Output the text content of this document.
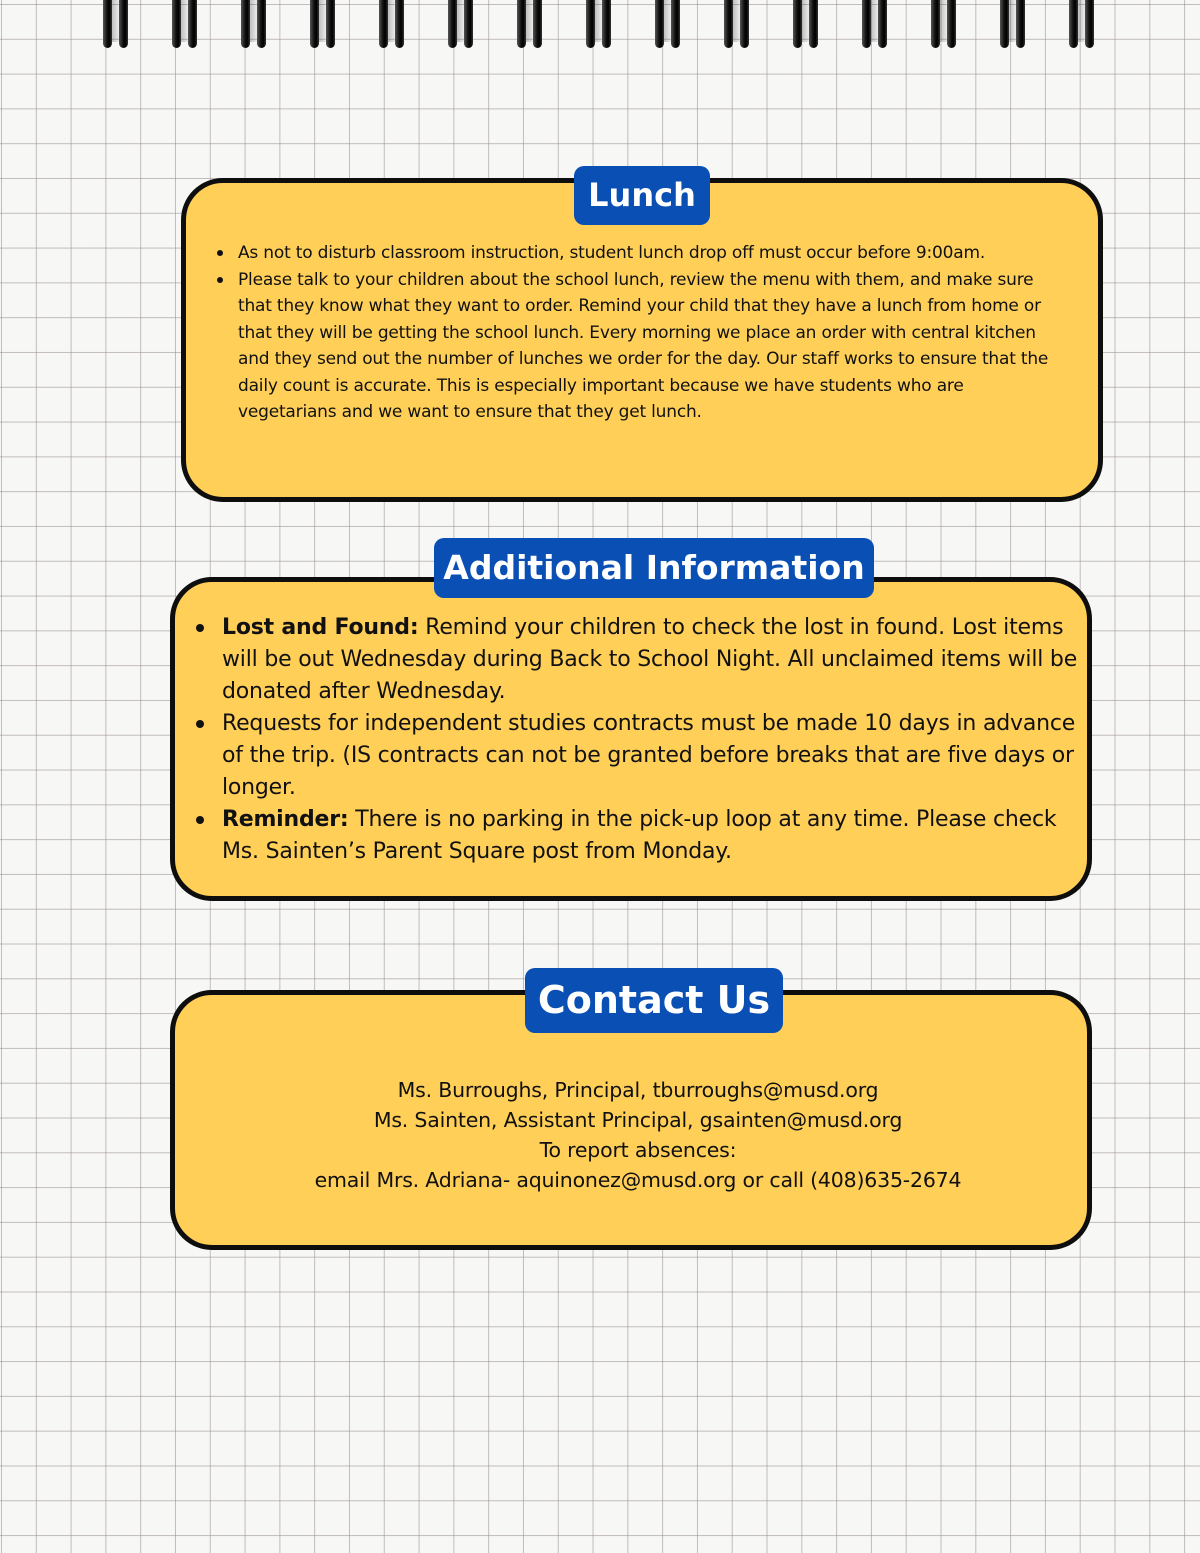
Lunch
As not to disturb classroom instruction, student lunch drop off must occur before 9:00am.
Please talk to your children about the school lunch, review the menu with them, and make sure that they know what they want to order. Remind your child that they have a lunch from home or that they will be getting the school lunch. Every morning we place an order with central kitchen and they send out the number of lunches we order for the day. Our staff works to ensure that the daily count is accurate. This is especially important because we have students who are vegetarians and we want to ensure that they get lunch.
Additional Information
Lost and Found: Remind your children to check the lost in found. Lost items will be out Wednesday during Back to School Night. All unclaimed items will be donated after Wednesday.
Requests for independent studies contracts must be made 10 days in advance of the trip. (IS contracts can not be granted before breaks that are five days or longer.
Reminder: There is no parking in the pick-up loop at any time. Please check Ms. Sainten’s Parent Square post from Monday.
Contact Us
Ms. Burroughs, Principal, tburroughs@musd.org
Ms. Sainten, Assistant Principal, gsainten@musd.org
To report absences:
email Mrs. Adriana- aquinonez@musd.org or call (408)635-2674
